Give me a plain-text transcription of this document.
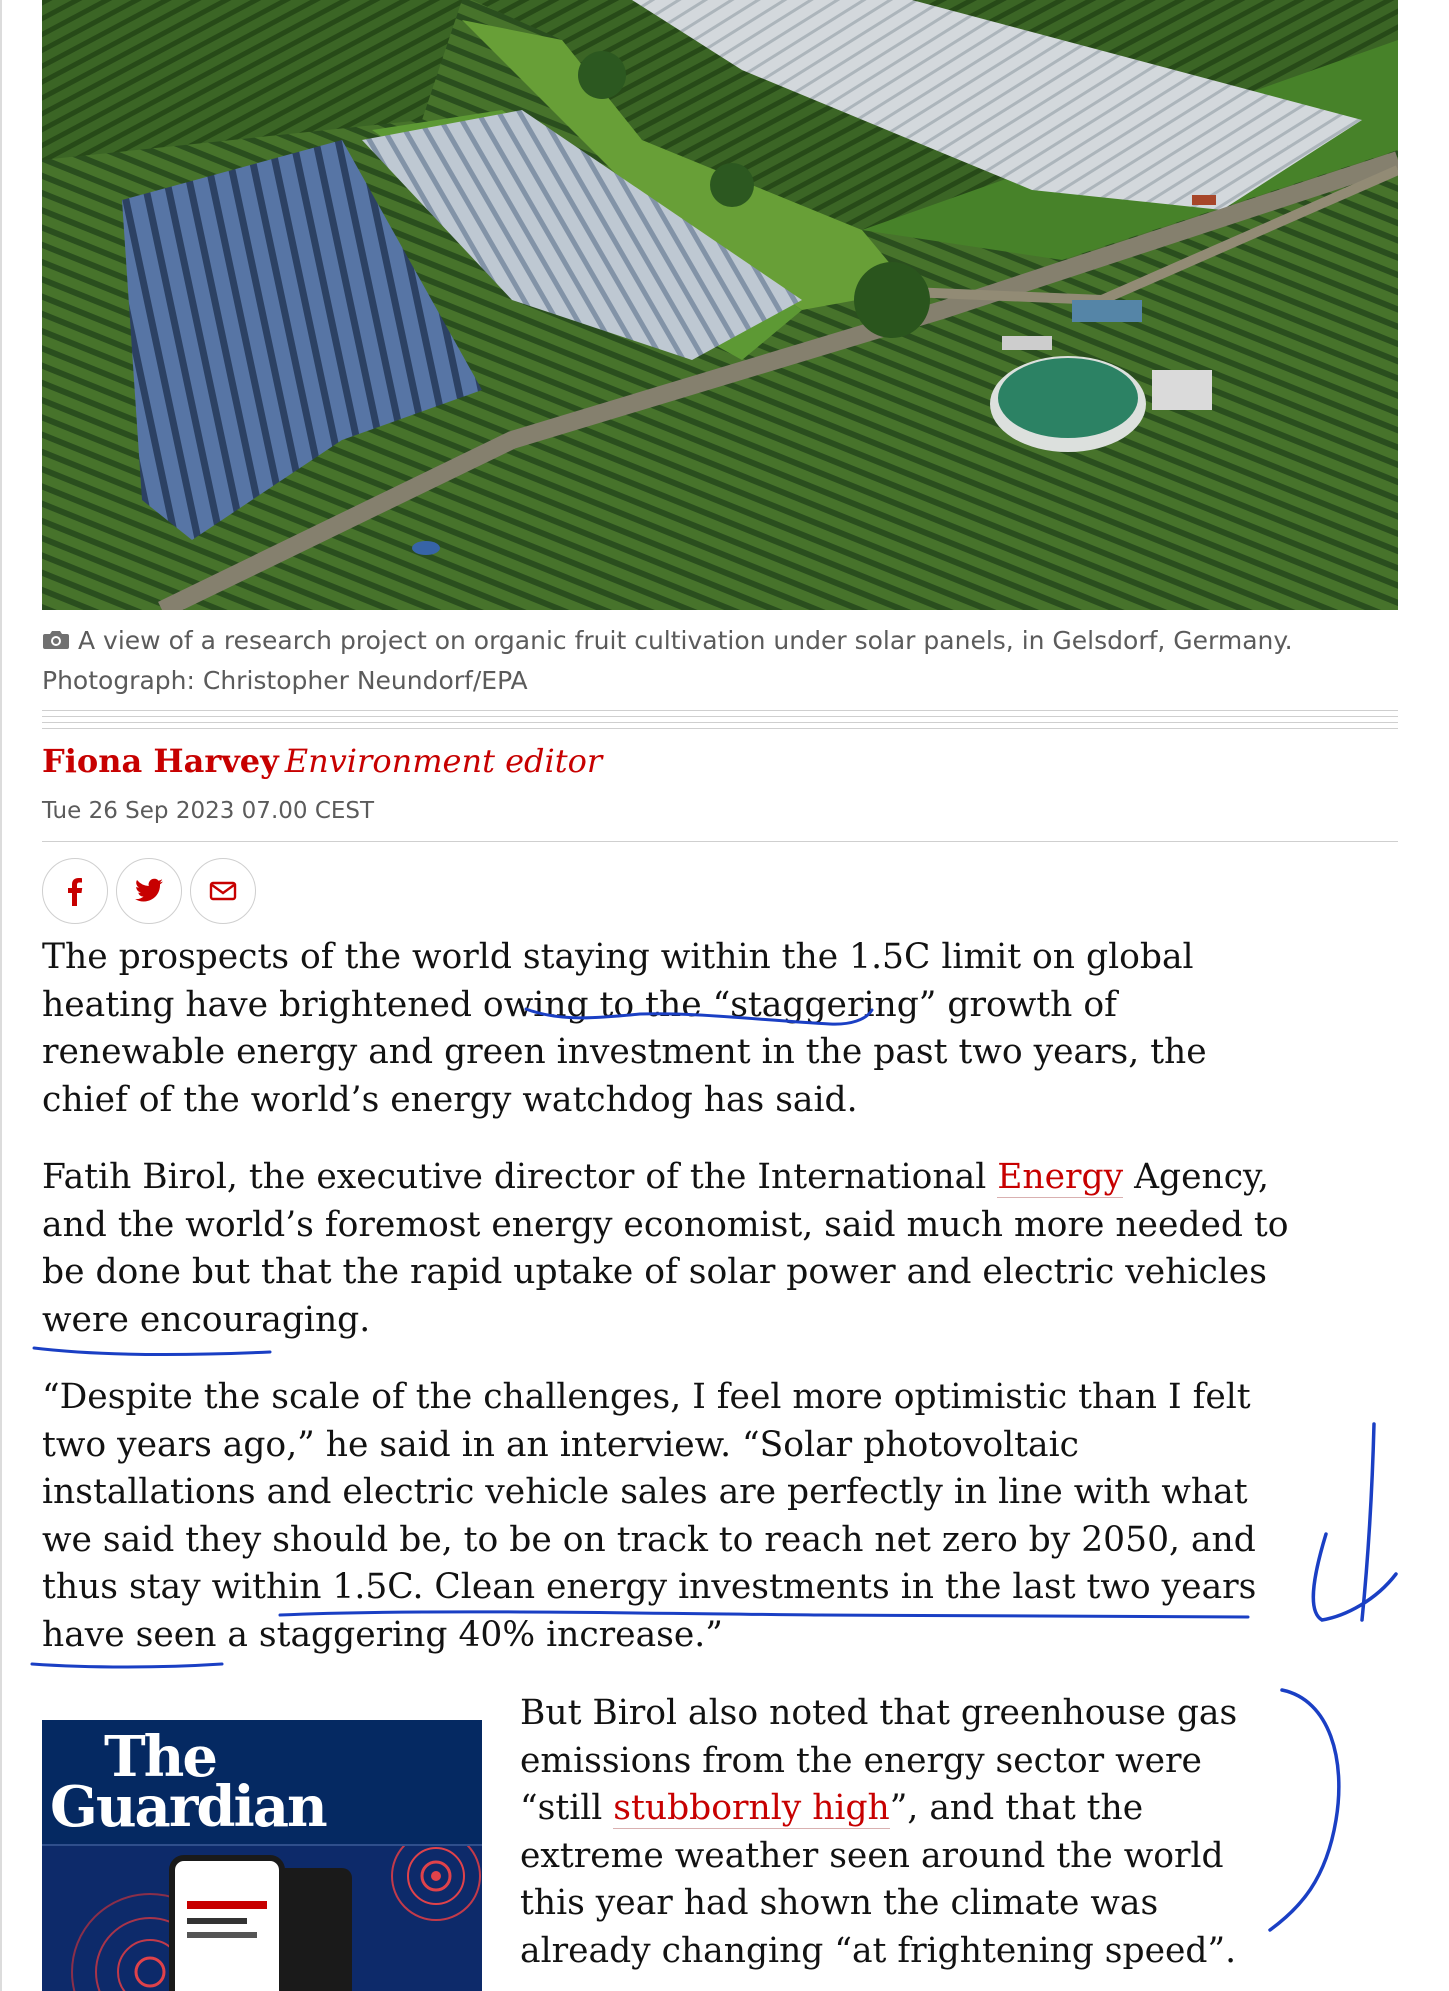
A view of a research project on organic fruit cultivation under solar panels, in Gelsdorf, Germany. Photograph: Christopher Neundorf/EPA
Fiona Harvey Environment editor
Tue 26 Sep 2023 07.00 CEST
The prospects of the world staying within the 1.5C limit on global heating have brightened owing to the “staggering” growth of renewable energy and green investment in the past two years, the chief of the world’s energy watchdog has said.
Fatih Birol, the executive director of the International Energy Agency, and the world’s foremost energy economist, said much more needed to be done but that the rapid uptake of solar power and electric vehicles were encouraging.
“Despite the scale of the challenges, I feel more optimistic than I felt two years ago,” he said in an interview. “Solar photovoltaic installations and electric vehicle sales are perfectly in line with what we said they should be, to be on track to reach net zero by 2050, and thus stay within 1.5C. Clean energy investments in the last two years have seen a staggering 40% increase.”
But Birol also noted that greenhouse gas emissions from the energy sector were “still stubbornly high”, and that the extreme weather seen around the world this year had shown the climate was already changing “at frightening speed”.
The
Guardian
